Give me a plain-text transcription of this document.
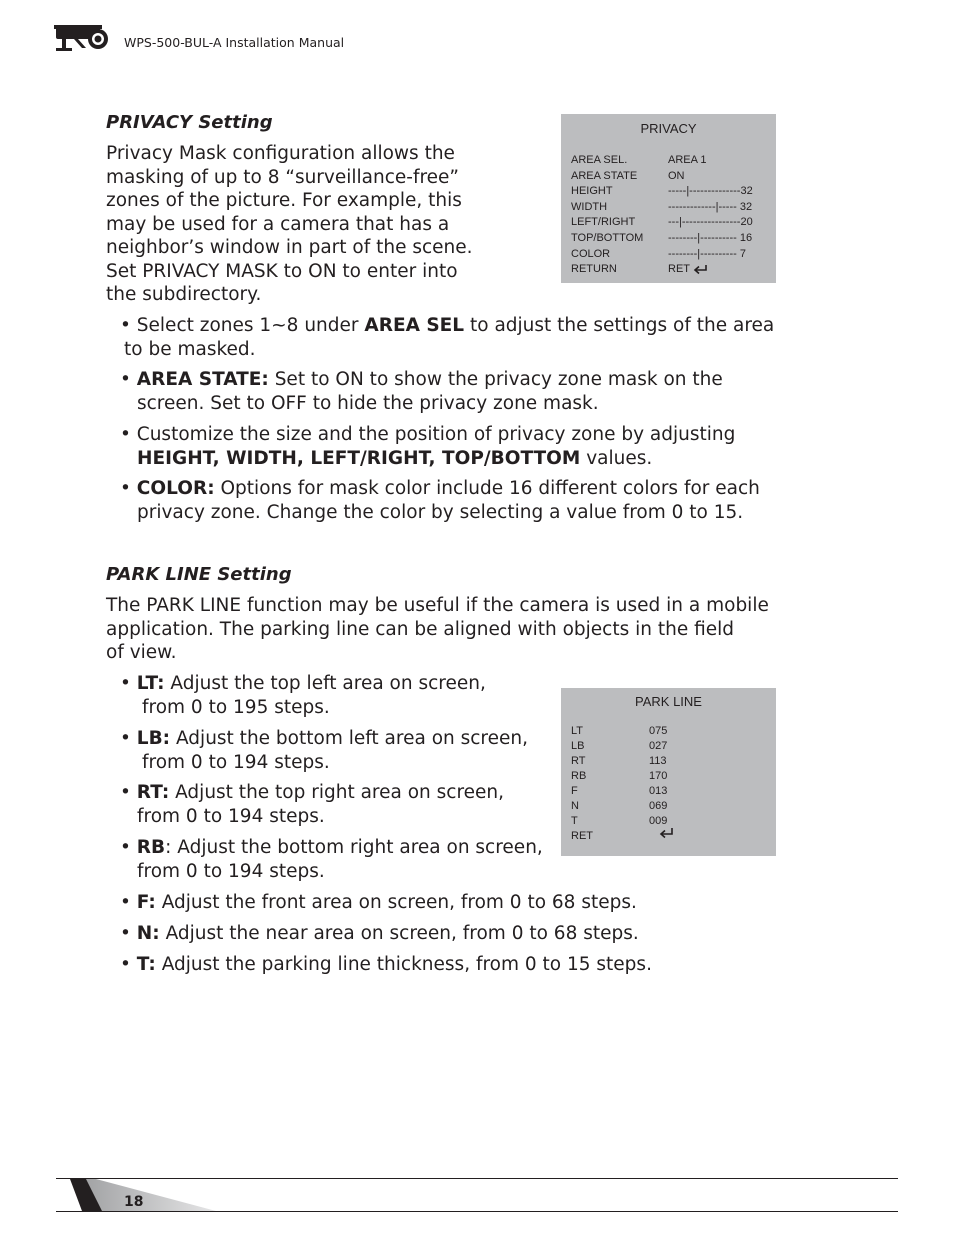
WPS-500-BUL-A Installation Manual
PRIVACY Setting
Privacy Mask configuration allows the
masking of up to 8 “surveillance-free”
zones of the picture. For example, this
may be used for a camera that has a
neighbor’s window in part of the scene.
Set PRIVACY MASK to ON to enter into
the subdirectory.
PRIVACY
AREA SEL.	AREA 1
AREA STATE	ON
HEIGHT	-----|--------------32
WIDTH	-------------|----- 32
LEFT/RIGHT	---|----------------20
TOP/BOTTOM --------|---------- 16
COLOR	--------|---------- 7
RETURN	RET
• Select zones 1~8 under AREA SEL to adjust the settings of the area
to be masked.
• AREA STATE: Set to ON to show the privacy zone mask on the
screen. Set to OFF to hide the privacy zone mask.
• Customize the size and the position of privacy zone by adjusting
HEIGHT, WIDTH, LEFT/RIGHT, TOP/BOTTOM values.
• COLOR: Options for mask color include 16 different colors for each
privacy zone. Change the color by selecting a value from 0 to 15.
PARK LINE Setting
The PARK LINE function may be useful if the camera is used in a mobile
application. The parking line can be aligned with objects in the field
of view.
PARK LINE
LT	075
LB	027
RT	113
RB	170
F	013
N	069
T	009
RET
• LT: Adjust the top left area on screen,
from 0 to 195 steps.
• LB: Adjust the bottom left area on screen,
from 0 to 194 steps.
• RT: Adjust the top right area on screen,
from 0 to 194 steps.
• RB: Adjust the bottom right area on screen,
from 0 to 194 steps.
• F: Adjust the front area on screen, from 0 to 68 steps.
• N: Adjust the near area on screen, from 0 to 68 steps.
• T: Adjust the parking line thickness, from 0 to 15 steps.
18
